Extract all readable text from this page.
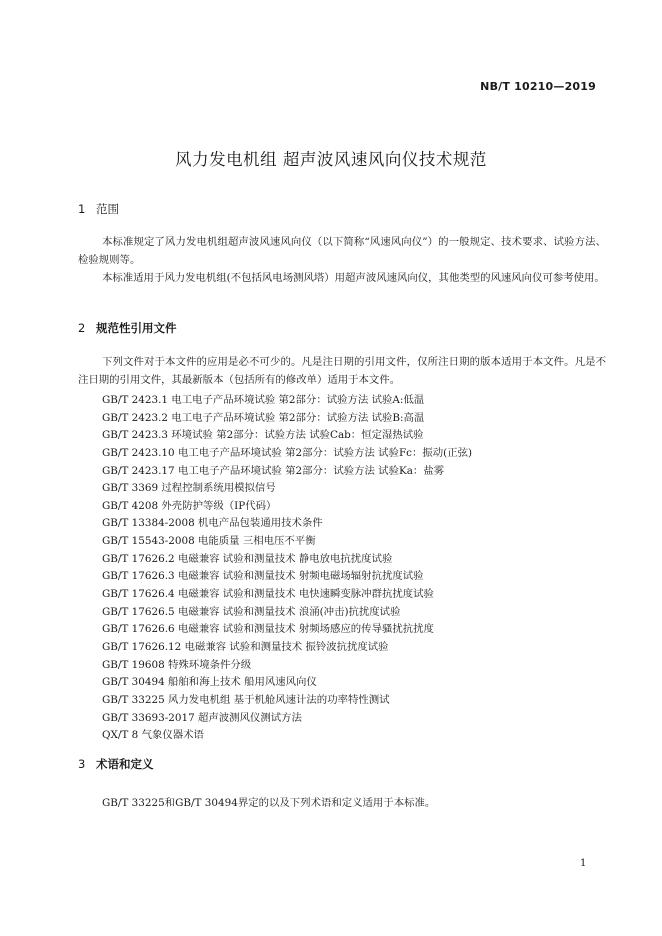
NB/T 10210—2019
风力发电机组 超声波风速风向仪技术规范
1 范围

本标准规定了风力发电机组超声波风速风向仪（以下简称“风速风向仪”）的一般规定、技术要求、试验方法、检验规则等。

本标准适用于风力发电机组(不包括风电场测风塔）用超声波风速风向仪，其他类型的风速风向仪可参考使用。

2 规范性引用文件

下列文件对于本文件的应用是必不可少的。凡是注日期的引用文件，仅所注日期的版本适用于本文件。凡是不注日期的引用文件，其最新版本（包括所有的修改单）适用于本文件。

GB/T 2423.1 电工电子产品环境试验 第2部分：试验方法 试验A:低温
GB/T 2423.2 电工电子产品环境试验 第2部分：试验方法 试验B:高温
GB/T 2423.3 环境试验 第2部分：试验方法 试验Cab：恒定湿热试验
GB/T 2423.10 电工电子产品环境试验 第2部分：试验方法 试验Fc：振动(正弦)
GB/T 2423.17 电工电子产品环境试验 第2部分：试验方法 试验Ka：盐雾
GB/T 3369 过程控制系统用模拟信号
GB/T 4208 外壳防护等级（IP代码）
GB/T 13384-2008 机电产品包装通用技术条件
GB/T 15543-2008 电能质量 三相电压不平衡
GB/T 17626.2 电磁兼容 试验和测量技术 静电放电抗扰度试验
GB/T 17626.3 电磁兼容 试验和测量技术 射频电磁场辐射抗扰度试验
GB/T 17626.4 电磁兼容 试验和测量技术 电快速瞬变脉冲群抗扰度试验
GB/T 17626.5 电磁兼容 试验和测量技术 浪涌(冲击)抗扰度试验
GB/T 17626.6 电磁兼容 试验和测量技术 射频场感应的传导骚扰抗扰度
GB/T 17626.12 电磁兼容 试验和测量技术 振铃波抗扰度试验
GB/T 19608 特殊环境条件分级
GB/T 30494 船舶和海上技术 船用风速风向仪
GB/T 33225 风力发电机组 基于机舱风速计法的功率特性测试
GB/T 33693-2017 超声波测风仪测试方法
QX/T 8 气象仪器术语
3 术语和定义
GB/T 33225和GB/T 30494界定的以及下列术语和定义适用于本标准。
1
